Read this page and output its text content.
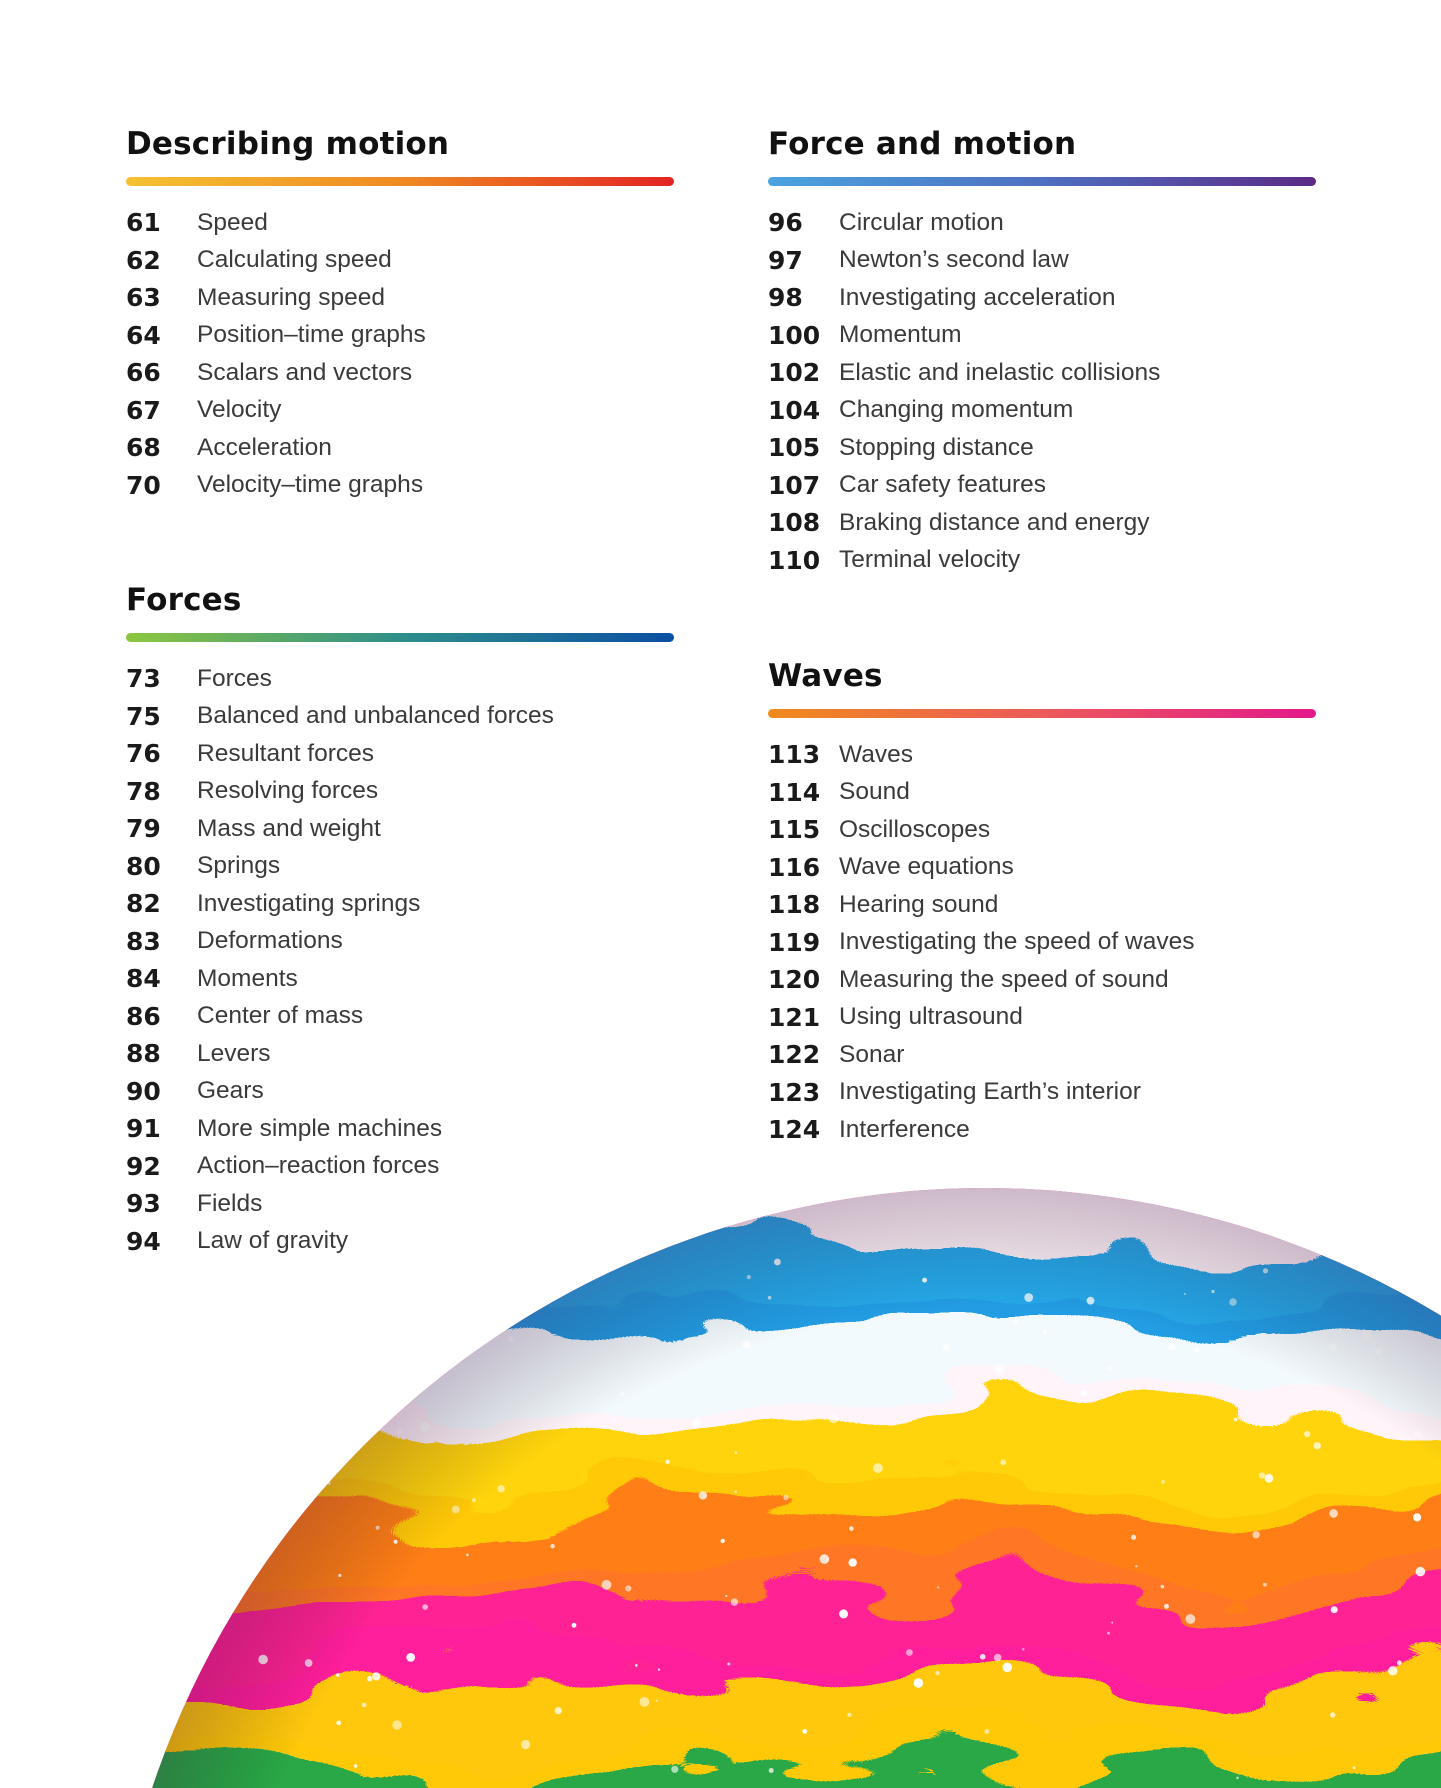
Describing motion
61	Speed
62	Calculating speed
63	Measuring speed
64	Position–time graphs
66	Scalars and vectors
67	Velocity
68	Acceleration
70	Velocity–time graphs
Forces
73	Forces
75	Balanced and unbalanced forces
76	Resultant forces
78	Resolving forces
79	Mass and weight
80	Springs
82	Investigating springs
83	Deformations
84	Moments
86	Center of mass
88	Levers
90	Gears
91	More simple machines
92	Action–reaction forces
93	Fields
94	Law of gravity
Force and motion
96	Circular motion
97	Newton’s second law
98	Investigating acceleration
100 Momentum
102 Elastic and inelastic collisions
104 Changing momentum
105 Stopping distance
107 Car safety features
108 Braking distance and energy
110 Terminal velocity
Waves
113 Waves
114 Sound
115 Oscilloscopes
116 Wave equations
118 Hearing sound
119 Investigating the speed of waves
120 Measuring the speed of sound
121 Using ultrasound
122 Sonar
123 Investigating Earth’s interior
124 Interference
